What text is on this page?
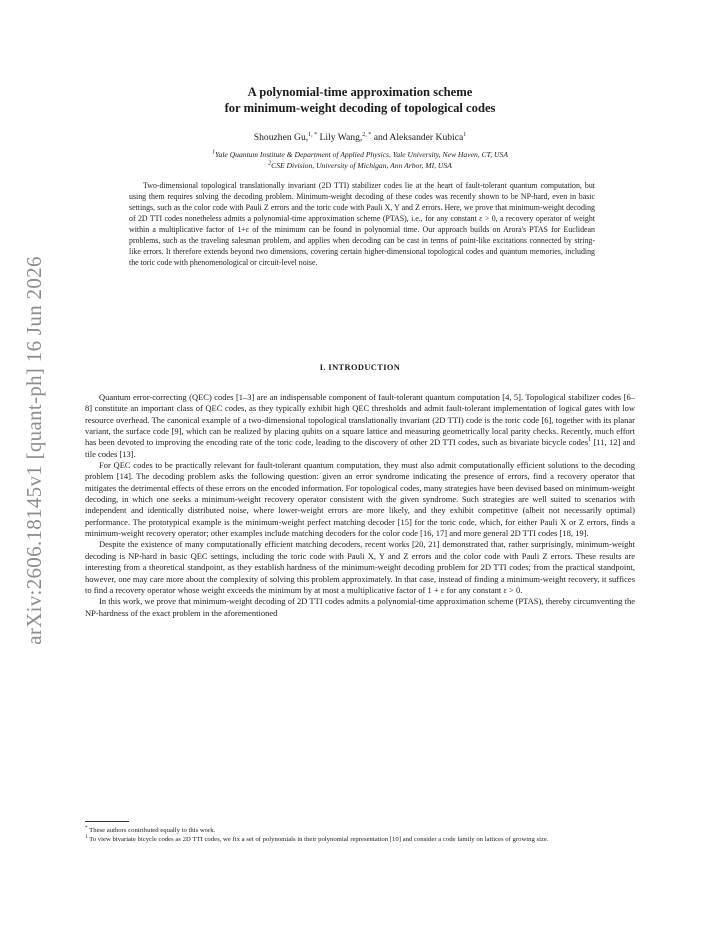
arXiv:2606.18145v1 [quant-ph] 16 Jun 2026
A polynomial-time approximation scheme
for minimum-weight decoding of topological codes
Shouzhen Gu,$^{1, *}$ Lily Wang,$^{2, *}$ and Aleksander Kubica$^1$
$^1$Yale Quantum Institute & Department of Applied Physics, Yale University, New Haven, CT, USA
$^2$CSE Division, University of Michigan, Ann Arbor, MI, USA
Two-dimensional topological translationally invariant (2D TTI) stabilizer codes lie at the heart of fault-tolerant quantum computation, but using them requires solving the decoding problem. Minimum-weight decoding of these codes was recently shown to be NP-hard, even in basic settings, such as the color code with Pauli Z errors and the toric code with Pauli X, Y and Z errors. Here, we prove that minimum-weight decoding of 2D TTI codes nonetheless admits a polynomial-time approximation scheme (PTAS), i.e., for any constant ε > 0, a recovery operator of weight within a multiplicative factor of 1+ε of the minimum can be found in polynomial time. Our approach builds on Arora's PTAS for Euclidean problems, such as the traveling salesman problem, and applies when decoding can be cast in terms of point-like excitations connected by string-like errors. It therefore extends beyond two dimensions, covering certain higher-dimensional topological codes and quantum memories, including the toric code with phenomenological or circuit-level noise.
I. INTRODUCTION

Quantum error-correcting (QEC) codes [1–3] are an indispensable component of fault-tolerant quantum computation [4, 5]. Topological stabilizer codes [6–8] constitute an important class of QEC codes, as they typically exhibit high QEC thresholds and admit fault-tolerant implementation of logical gates with low resource overhead. The canonical example of a two-dimensional topological translationally invariant (2D TTI) code is the toric code [6], together with its planar variant, the surface code [9], which can be realized by placing qubits on a square lattice and measuring geometrically local parity checks. Recently, much effort has been devoted to improving the encoding rate of the toric code, leading to the discovery of other 2D TTI codes, such as bivariate bicycle codes$^1$ [11, 12] and tile codes [13].

For QEC codes to be practically relevant for fault-tolerant quantum computation, they must also admit computationally efficient solutions to the decoding problem [14]. The decoding problem asks the following question: given an error syndrome indicating the presence of errors, find a recovery operator that mitigates the detrimental effects of these errors on the encoded information. For topological codes, many strategies have been devised based on minimum-weight decoding, in which one seeks a minimum-weight recovery operator consistent with the given syndrome. Such strategies are well suited to scenarios with independent and identically distributed noise, where lower-weight errors are more likely, and they exhibit competitive (albeit not necessarily optimal) performance. The prototypical example is the minimum-weight perfect matching decoder [15] for the toric code, which, for either Pauli X or Z errors, finds a minimum-weight recovery operator; other examples include matching decoders for the color code [16, 17] and more general 2D TTI codes [18, 19].

Despite the existence of many computationally efficient matching decoders, recent works [20, 21] demonstrated that, rather surprisingly, minimum-weight decoding is NP-hard in basic QEC settings, including the toric code with Pauli X, Y and Z errors and the color code with Pauli Z errors. These results are interesting from a theoretical standpoint, as they establish hardness of the minimum-weight decoding problem for 2D TTI codes; from the practical standpoint, however, one may care more about the complexity of solving this problem approximately. In that case, instead of finding a minimum-weight recovery, it suffices to find a recovery operator whose weight exceeds the minimum by at most a multiplicative factor of 1 + ε for any constant ε > 0.

In this work, we prove that minimum-weight decoding of 2D TTI codes admits a polynomial-time approximation scheme (PTAS), thereby circumventing the NP-hardness of the exact problem in the aforementioned

* These authors contributed equally to this work.

$^1$ To view bivariate bicycle codes as 2D TTI codes, we fix a set of polynomials in their polynomial representation [10] and consider a code family on lattices of growing size.
